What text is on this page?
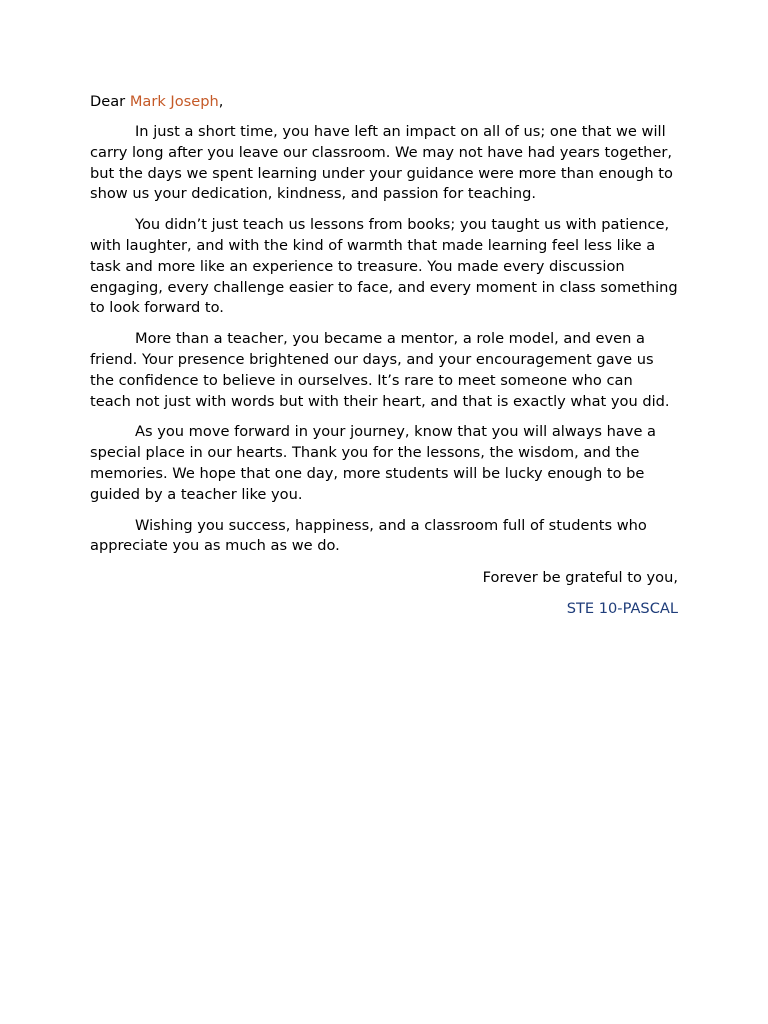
Dear Mark Joseph,

In just a short time, you have left an impact on all of us; one that we will carry long after you leave our classroom. We may not have had years together, but the days we spent learning under your guidance were more than enough to show us your dedication, kindness, and passion for teaching.

You didn’t just teach us lessons from books; you taught us with patience, with laughter, and with the kind of warmth that made learning feel less like a task and more like an experience to treasure. You made every discussion engaging, every challenge easier to face, and every moment in class something to look forward to.

More than a teacher, you became a mentor, a role model, and even a friend. Your presence brightened our days, and your encouragement gave us the confidence to believe in ourselves. It’s rare to meet someone who can teach not just with words but with their heart, and that is exactly what you did.

As you move forward in your journey, know that you will always have a special place in our hearts. Thank you for the lessons, the wisdom, and the memories. We hope that one day, more students will be lucky enough to be guided by a teacher like you.

Wishing you success, happiness, and a classroom full of students who appreciate you as much as we do.

Forever be grateful to you,

STE 10-PASCAL
